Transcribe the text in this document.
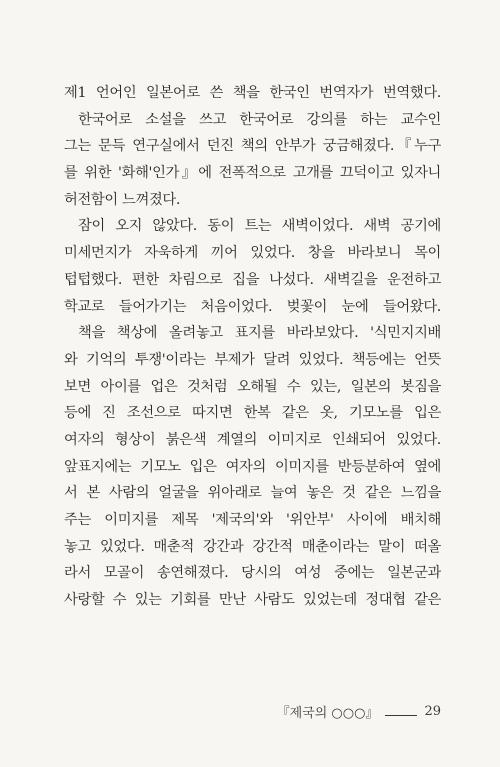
제1 언어인 일본어로 쓴 책을 한국인 번역자가 번역했다.
한국어로 소설을 쓰고 한국어로 강의를 하는 교수인
그는 문득 연구실에서 던진 책의 안부가 궁금해졌다.『누구
를 위한 '화해'인가』에 전폭적으로 고개를 끄덕이고 있자니
허전함이 느껴졌다.
잠이 오지 않았다. 동이 트는 새벽이었다. 새벽 공기에
미세먼지가 자욱하게 끼어 있었다. 창을 바라보니 목이
텁텁했다. 편한 차림으로 집을 나섰다. 새벽길을 운전하고
학교로 들어가기는 처음이었다. 벚꽃이 눈에 들어왔다.
책을 책상에 올려놓고 표지를 바라보았다. '식민지지배
와 기억의 투쟁'이라는 부제가 달려 있었다. 책등에는 언뜻
보면 아이를 업은 것처럼 오해될 수 있는, 일본의 봇짐을
등에 진 조선으로 따지면 한복 같은 옷, 기모노를 입은
여자의 형상이 붉은색 계열의 이미지로 인쇄되어 있었다.
앞표지에는 기모노 입은 여자의 이미지를 반등분하여 옆에
서 본 사람의 얼굴을 위아래로 늘여 놓은 것 같은 느낌을
주는 이미지를 제목 '제국의'와 '위안부' 사이에 배치해
놓고 있었다. 매춘적 강간과 강간적 매춘이라는 말이 떠올
라서 모골이 송연해졌다. 당시의 여성 중에는 일본군과
사랑할 수 있는 기회를 만난 사람도 있었는데 정대협 같은
『제국의 ○○○』	29
